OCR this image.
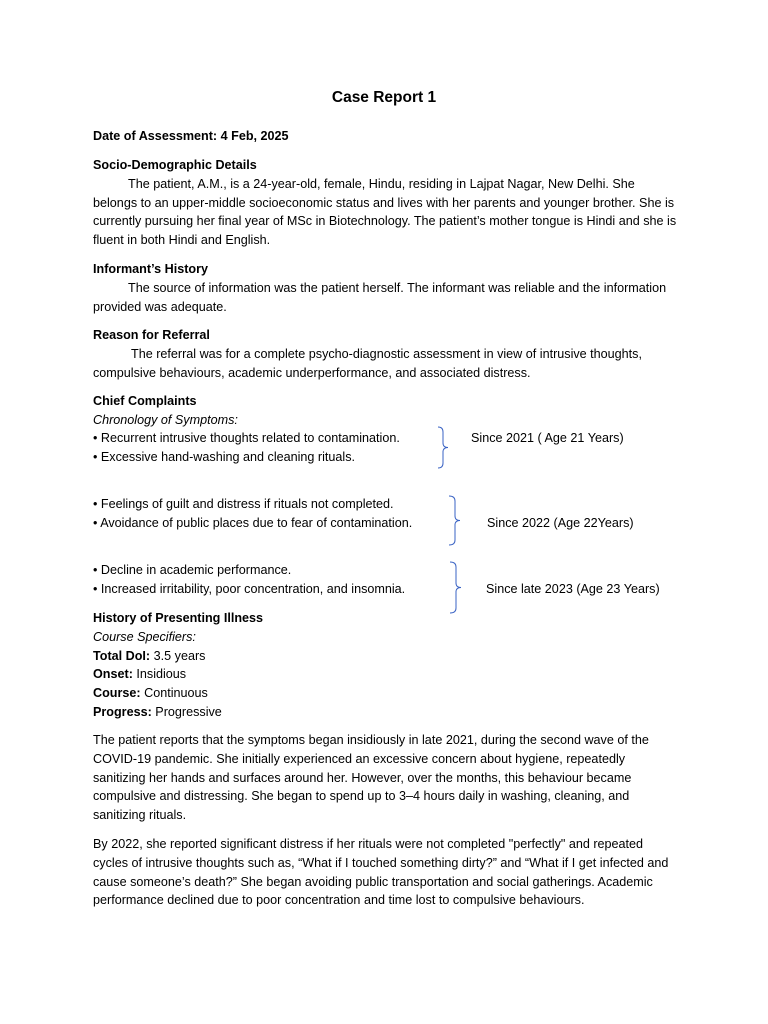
Case Report 1
Date of Assessment: 4 Feb, 2025
Socio-Demographic Details

The patient, A.M., is a 24-year-old, female, Hindu, residing in Lajpat Nagar, New Delhi. She belongs to an upper-middle socioeconomic status and lives with her parents and younger brother. She is currently pursuing her final year of MSc in Biotechnology. The patient’s mother tongue is Hindi and she is fluent in both Hindi and English.

Informant’s History

The source of information was the patient herself. The informant was reliable and the information provided was adequate.

Reason for Referral

The referral was for a complete psycho-diagnostic assessment in view of intrusive thoughts, compulsive behaviours, academic underperformance, and associated distress.

Chief Complaints
Chronology of Symptoms:
• Recurrent intrusive thoughts related to contamination.
• Excessive hand-washing and cleaning rituals.
Since 2021 ( Age 21 Years)
• Feelings of guilt and distress if rituals not completed.
• Avoidance of public places due to fear of contamination.	Since 2022 (Age 22Years)
• Decline in academic performance.
• Increased irritability, poor concentration, and insomnia.	Since late 2023 (Age 23 Years)
History of Presenting Illness
Course Specifiers:

Total DoI: 3.5 years

Onset: Insidious

Course: Continuous

Progress: Progressive

The patient reports that the symptoms began insidiously in late 2021, during the second wave of the COVID-19 pandemic. She initially experienced an excessive concern about hygiene, repeatedly sanitizing her hands and surfaces around her. However, over the months, this behaviour became compulsive and distressing. She began to spend up to 3–4 hours daily in washing, cleaning, and sanitizing rituals.
By 2022, she reported significant distress if her rituals were not completed "perfectly" and repeated cycles of intrusive thoughts such as, “What if I touched something dirty?” and “What if I get infected and cause someone’s death?” She began avoiding public transportation and social gatherings. Academic performance declined due to poor concentration and time lost to compulsive behaviours.
